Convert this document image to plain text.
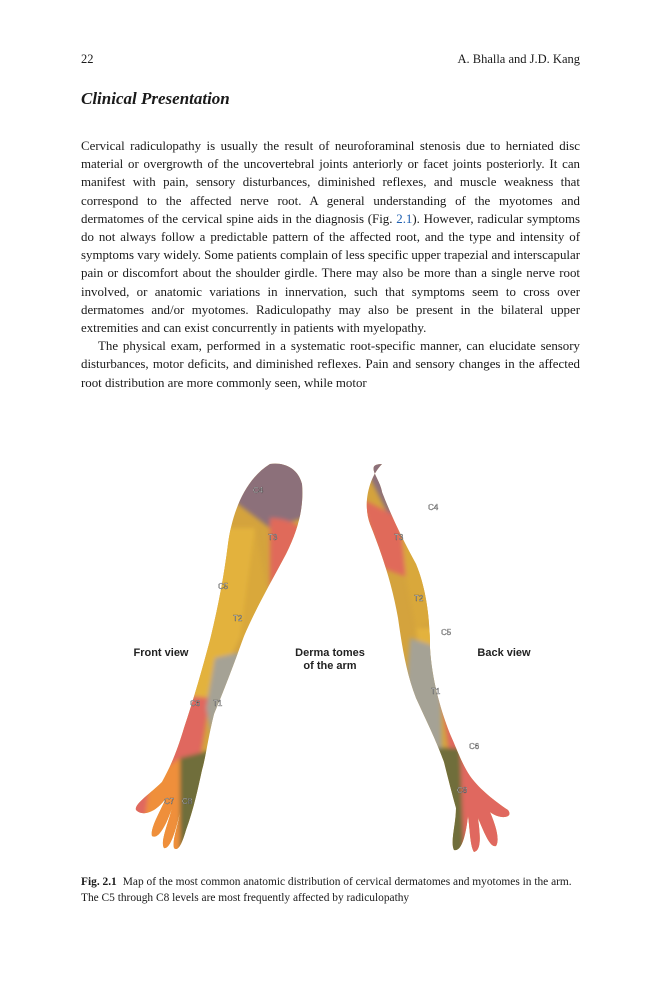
22	A. Bhalla and J.D. Kang
Clinical Presentation

Cervical radiculopathy is usually the result of neuroforaminal stenosis due to herniated disc material or overgrowth of the uncovertebral joints anteriorly or facet joints posteriorly. It can manifest with pain, sensory disturbances, diminished reflexes, and muscle weakness that correspond to the affected nerve root. A general understanding of the myotomes and dermatomes of the cervical spine aids in the diagnosis (Fig. 2.1). However, radicular symptoms do not always follow a predictable pattern of the affected root, and the type and intensity of symptoms vary widely. Some patients complain of less specific upper trapezial and interscapular pain or discomfort about the shoulder girdle. There may also be more than a single nerve root involved, or anatomic variations in innervation, such that symptoms seem to cross over dermatomes and/or myotomes. Radiculopathy may also be present in the bilateral upper extremities and can exist concurrently in patients with myelopathy.

The physical exam, performed in a systematic root-specific manner, can elucidate sensory disturbances, motor deficits, and diminished reflexes. Pain and sensory changes in the affected root distribution are more commonly seen, while motor

C4
T3
C5
T2
C6 T1
C7 C8
C4
T3
T2
C5
T1
C6
C8
Front view	Derma tomes
of the arm
Back view
Fig. 2.1 Map of the most common anatomic distribution of cervical dermatomes and myotomes in the arm. The C5 through C8 levels are most frequently affected by radiculopathy
